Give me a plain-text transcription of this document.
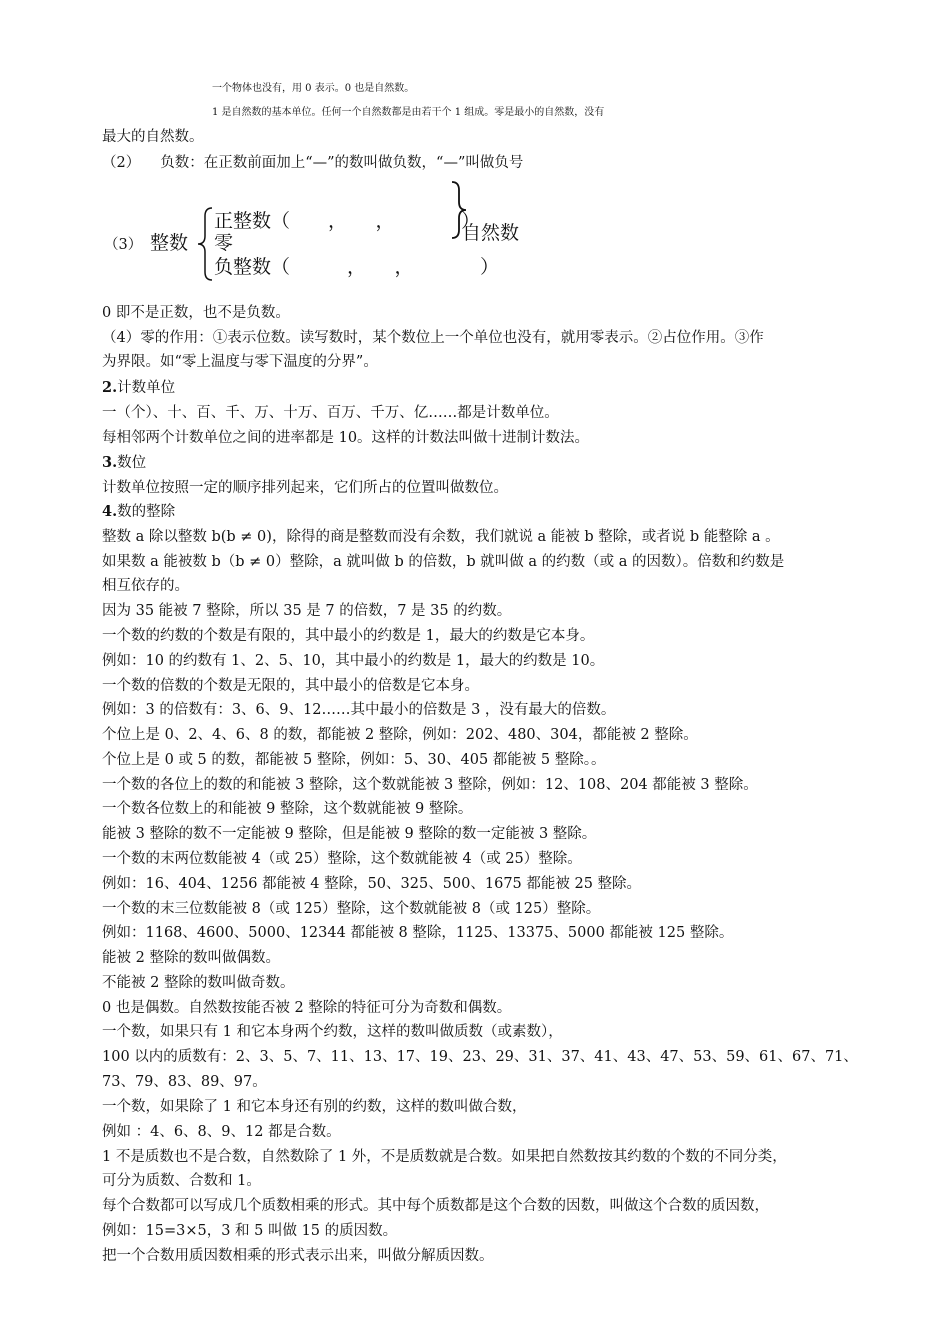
一个物体也没有，用 0 表示。0 也是自然数。
1 是自然数的基本单位。任何一个自然数都是由若干个 1 组成。零是最小的自然数，没有
最大的自然数。
（2） 负数：在正数前面加上“—”的数叫做负数，“—”叫做负号
（3） 整数
正整数（　　，　　，　　　　）
零
负整数（　　　，　　，　　　　）
自然数
0 即不是正数，也不是负数。
（4）零的作用：①表示位数。读写数时，某个数位上一个单位也没有，就用零表示。②占位作用。③作
为界限。如“零上温度与零下温度的分界”。
2.计数单位
一（个）、十、百、千、万、十万、百万、千万、亿……都是计数单位。
每相邻两个计数单位之间的进率都是 10。这样的计数法叫做十进制计数法。
3.数位
计数单位按照一定的顺序排列起来，它们所占的位置叫做数位。
4.数的整除
整数 a 除以整数 b(b ≠ 0)，除得的商是整数而没有余数，我们就说 a 能被 b 整除，或者说 b 能整除 a 。
如果数 a 能被数 b（b ≠ 0）整除，a 就叫做 b 的倍数，b 就叫做 a 的约数（或 a 的因数）。倍数和约数是
相互依存的。
因为 35 能被 7 整除，所以 35 是 7 的倍数，7 是 35 的约数。
一个数的约数的个数是有限的，其中最小的约数是 1，最大的约数是它本身。
例如：10 的约数有 1、2、5、10，其中最小的约数是 1，最大的约数是 10。
一个数的倍数的个数是无限的，其中最小的倍数是它本身。
例如：3 的倍数有：3、6、9、12……其中最小的倍数是 3 ，没有最大的倍数。
个位上是 0、2、4、6、8 的数，都能被 2 整除，例如：202、480、304，都能被 2 整除。
个位上是 0 或 5 的数，都能被 5 整除，例如：5、30、405 都能被 5 整除。。
一个数的各位上的数的和能被 3 整除，这个数就能被 3 整除，例如：12、108、204 都能被 3 整除。
一个数各位数上的和能被 9 整除，这个数就能被 9 整除。
能被 3 整除的数不一定能被 9 整除，但是能被 9 整除的数一定能被 3 整除。
一个数的末两位数能被 4（或 25）整除，这个数就能被 4（或 25）整除。
例如：16、404、1256 都能被 4 整除，50、325、500、1675 都能被 25 整除。
一个数的末三位数能被 8（或 125）整除，这个数就能被 8（或 125）整除。
例如：1168、4600、5000、12344 都能被 8 整除，1125、13375、5000 都能被 125 整除。
能被 2 整除的数叫做偶数。
不能被 2 整除的数叫做奇数。
0 也是偶数。自然数按能否被 2 整除的特征可分为奇数和偶数。
一个数，如果只有 1 和它本身两个约数，这样的数叫做质数（或素数），
100 以内的质数有：2、3、5、7、11、13、17、19、23、29、31、37、41、43、47、53、59、61、67、71、
73、79、83、89、97。
一个数，如果除了 1 和它本身还有别的约数，这样的数叫做合数，
例如 ：4、6、8、9、12 都是合数。
1 不是质数也不是合数，自然数除了 1 外，不是质数就是合数。如果把自然数按其约数的个数的不同分类，
可分为质数、合数和 1。
每个合数都可以写成几个质数相乘的形式。其中每个质数都是这个合数的因数，叫做这个合数的质因数，
例如：15=3×5，3 和 5 叫做 15 的质因数。
把一个合数用质因数相乘的形式表示出来，叫做分解质因数。
